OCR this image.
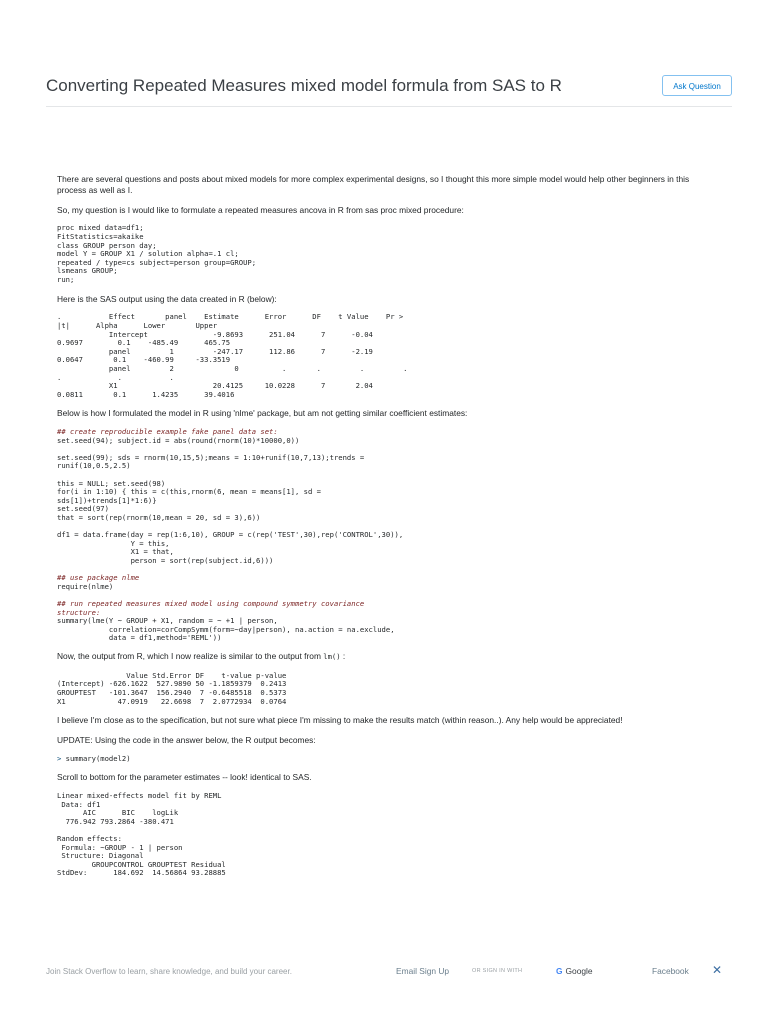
Converting Repeated Measures mixed model formula from SAS to R	Ask Question

There are several questions and posts about mixed models for more complex experimental designs, so I thought this more simple model would help other beginners in this process as well as I.

So, my question is I would like to formulate a repeated measures ancova in R from sas proc mixed procedure:

proc mixed data=df1;
FitStatistics=akaike
class GROUP person day;
model Y = GROUP X1 / solution alpha=.1 cl;
repeated / type=cs subject=person group=GROUP;
lsmeans GROUP;
run;

Here is the SAS output using the data created in R (below):

.           Effect       panel    Estimate      Error      DF    t Value    Pr >
|t|      Alpha      Lower       Upper
Intercept               -9.8693      251.04      7      -0.04
0.9697        0.1    -485.49      465.75
panel         1         -247.17      112.86      7      -2.19
0.0647       0.1    -460.99     -33.3519
panel         2              0          .       .         .         .
.             .           .
X1                      20.4125     10.0228      7       2.04
0.0811       0.1      1.4235      39.4016

Below is how I formulated the model in R using 'nlme' package, but am not getting similar coefficient estimates:

## create reproducible example fake panel data set:
set.seed(94); subject.id = abs(round(rnorm(10)*10000,0))
set.seed(99); sds = rnorm(10,15,5);means = 1:10+runif(10,7,13);trends =
runif(10,0.5,2.5)
this = NULL; set.seed(98)
for(i in 1:10) { this = c(this,rnorm(6, mean = means[1], sd =
sds[1])+trends[1]*1:6)}
set.seed(97)
that = sort(rep(rnorm(10,mean = 20, sd = 3),6))
df1 = data.frame(day = rep(1:6,10), GROUP = c(rep('TEST',30),rep('CONTROL',30)),
Y = this,
X1 = that,
person = sort(rep(subject.id,6)))
## use package nlme
require(nlme)
## run repeated measures mixed model using compound symmetry covariance
structure:
summary(lme(Y ~ GROUP + X1, random = ~ +1 | person,
correlation=corCompSymm(form=~day|person), na.action = na.exclude,
data = df1,method='REML'))

Now, the output from R, which I now realize is similar to the output from lm() :

Value Std.Error DF    t-value p-value
(Intercept) -626.1622  527.9890 50 -1.1859379  0.2413
GROUPTEST   -101.3647  156.2940  7 -0.6485518  0.5373
X1            47.0919   22.6698  7  2.0772934  0.0764

I believe I'm close as to the specification, but not sure what piece I'm missing to make the results match (within reason..). Any help would be appreciated!

UPDATE: Using the code in the answer below, the R output becomes:

> summary(model2)

Scroll to bottom for the parameter estimates -- look! identical to SAS.

Linear mixed-effects model fit by REML
Data: df1
AIC      BIC    logLik
776.942 793.2864 -380.471

Random effects:
Formula: ~GROUP - 1 | person
Structure: Diagonal
GROUPCONTROL GROUPTEST Residual
StdDev:      184.692  14.56864 93.28885
Join Stack Overflow to learn, share knowledge, and build your career.	Email Sign Up	OR SIGN IN WITH	G Google	Facebook ✕
